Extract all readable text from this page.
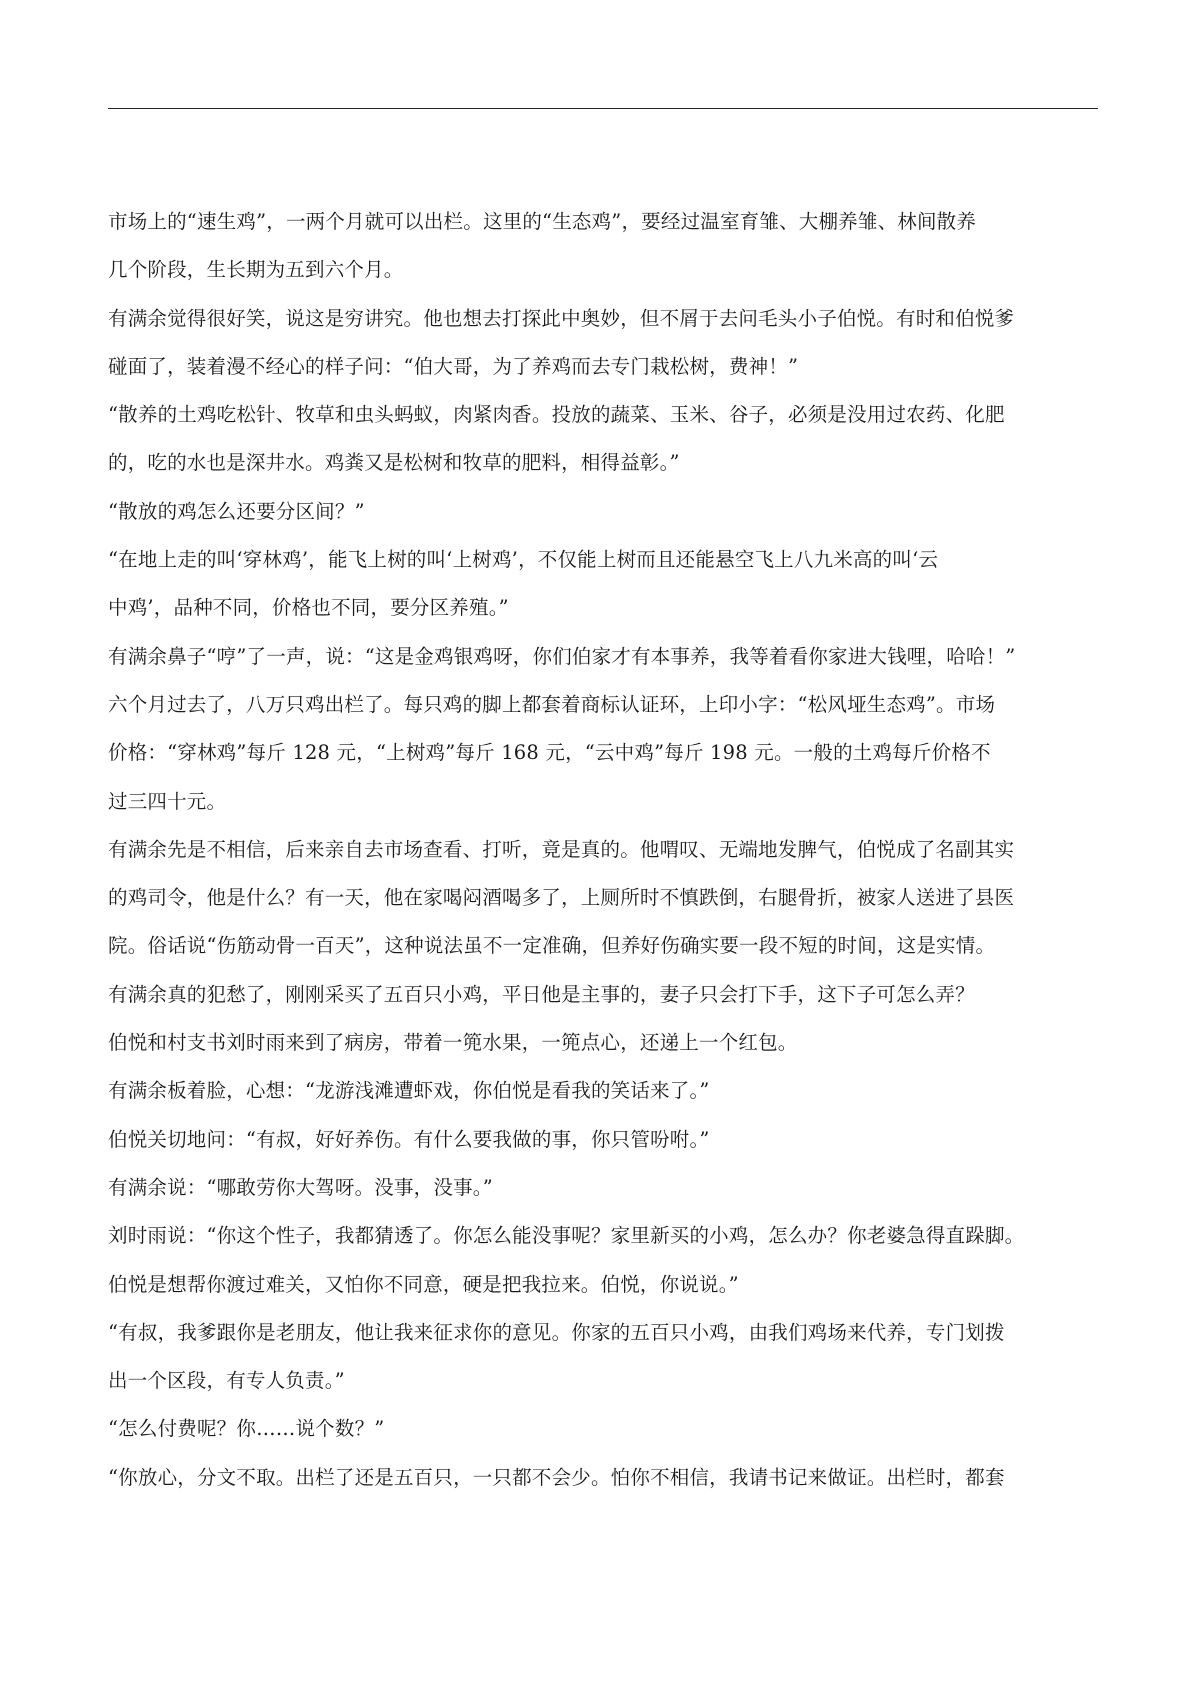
市场上的“速生鸡”，一两个月就可以出栏。这里的“生态鸡”，要经过温室育雏、大棚养雏、林间散养
几个阶段，生长期为五到六个月。
有满余觉得很好笑，说这是穷讲究。他也想去打探此中奥妙，但不屑于去问毛头小子伯悦。有时和伯悦爹
碰面了，装着漫不经心的样子问：“伯大哥，为了养鸡而去专门栽松树，费神！”
“散养的土鸡吃松针、牧草和虫头蚂蚁，肉紧肉香。投放的蔬菜、玉米、谷子，必须是没用过农药、化肥
的，吃的水也是深井水。鸡粪又是松树和牧草的肥料，相得益彰。”
“散放的鸡怎么还要分区间？”
“在地上走的叫‘穿林鸡’，能飞上树的叫‘上树鸡’，不仅能上树而且还能悬空飞上八九米高的叫‘云
中鸡’，品种不同，价格也不同，要分区养殖。”
有满余鼻子“哼”了一声，说：“这是金鸡银鸡呀，你们伯家才有本事养，我等着看你家进大钱哩，哈哈！”
六个月过去了，八万只鸡出栏了。每只鸡的脚上都套着商标认证环，上印小字：“松风垭生态鸡”。市场
价格：“穿林鸡”每斤 128 元，“上树鸡”每斤 168 元，“云中鸡”每斤 198 元。一般的土鸡每斤价格不
过三四十元。
有满余先是不相信，后来亲自去市场查看、打听，竟是真的。他喟叹、无端地发脾气，伯悦成了名副其实
的鸡司令，他是什么？有一天，他在家喝闷酒喝多了，上厕所时不慎跌倒，右腿骨折，被家人送进了县医
院。俗话说“伤筋动骨一百天”，这种说法虽不一定准确，但养好伤确实要一段不短的时间，这是实情。
有满余真的犯愁了，刚刚采买了五百只小鸡，平日他是主事的，妻子只会打下手，这下子可怎么弄？
伯悦和村支书刘时雨来到了病房，带着一篼水果，一篼点心，还递上一个红包。
有满余板着脸，心想：“龙游浅滩遭虾戏，你伯悦是看我的笑话来了。”
伯悦关切地问：“有叔，好好养伤。有什么要我做的事，你只管吩咐。”
有满余说：“哪敢劳你大驾呀。没事，没事。”
刘时雨说：“你这个性子，我都猜透了。你怎么能没事呢？家里新买的小鸡，怎么办？你老婆急得直跺脚。
伯悦是想帮你渡过难关，又怕你不同意，硬是把我拉来。伯悦，你说说。”
“有叔，我爹跟你是老朋友，他让我来征求你的意见。你家的五百只小鸡，由我们鸡场来代养，专门划拨
出一个区段，有专人负责。”
“怎么付费呢？你……说个数？”
“你放心，分文不取。出栏了还是五百只，一只都不会少。怕你不相信，我请书记来做证。出栏时，都套
